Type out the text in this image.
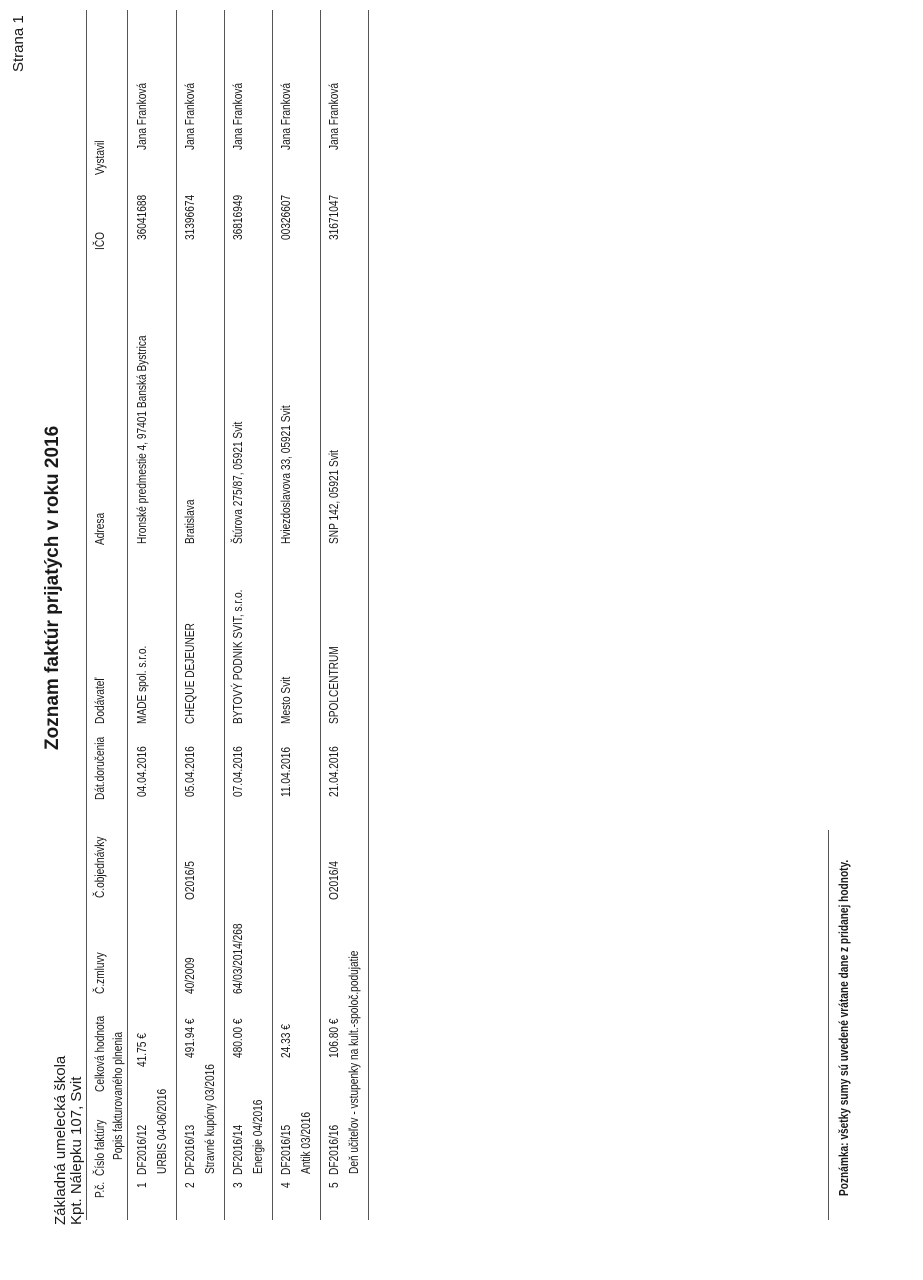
Strana 1
Základná umelecká škola Kpt. Nálepku 107, Svit
Zoznam faktúr prijatých v roku 2016
P.č.
Číslo faktúry
Celková hodnota
Č.zmluvy
Č.objednávky
Dát.doručenia
Dodávateľ
Adresa
IČO
Vystavil
Popis fakturovaného plnenia
1
DF2016/12
41.75 €
04.04.2016
MADE spol. s.r.o.
Hronské predmestie 4, 97401 Banská Bystrica
36041688
Jana Franková
URBIS 04-06/2016
2
DF2016/13
491.94 €
40/2009
O2016/5
05.04.2016
CHEQUE DEJEUNER
Bratislava
31396674
Jana Franková
Stravné kupóny 03/2016
3
DF2016/14
480.00 €
64/03/2014/268
07.04.2016
BYTOVÝ PODNIK SVIT, s.r.o.
Štúrova 275/87, 05921 Svit
36816949
Jana Franková
Energie 04/2016
4
DF2016/15
24.33 €
11.04.2016
Mesto Svit
Hviezdoslavova 33, 05921 Svit
00326607
Jana Franková
Antik 03/2016
5
DF2016/16
106.80 €
O2016/4
21.04.2016
SPOLCENTRUM
SNP 142, 05921 Svit
31671047
Jana Franková
Deň učiteľov - vstupenky na kult.-spoloč.podujatie	Poznámka: všetky sumy sú uvedené vrátane dane z pridanej hodnoty.
